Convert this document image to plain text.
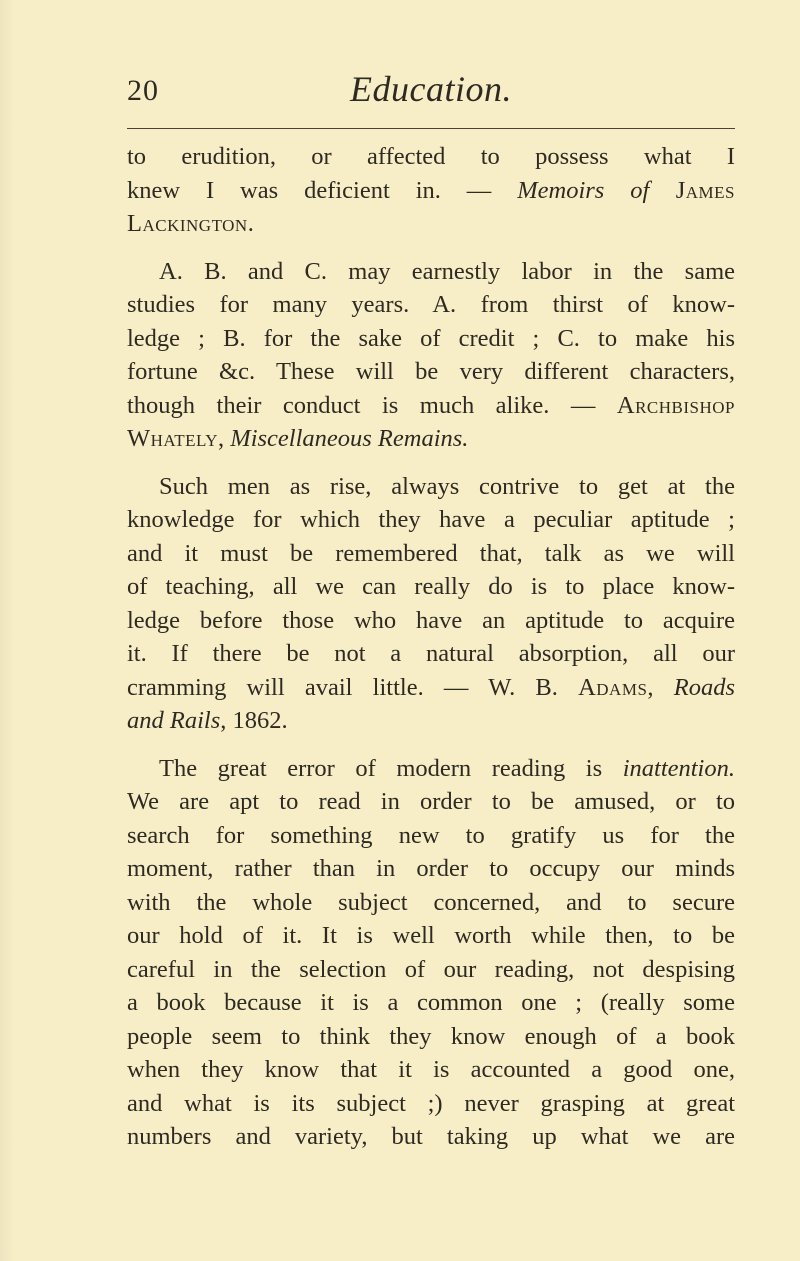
20	Education.
to erudition, or affected to possess what I
knew I was deficient in. — Memoirs of James
Lackington.
A. B. and C. may earnestly labor in the same
studies for many years. A. from thirst of know-
ledge ; B. for the sake of credit ; C. to make his
fortune &c. These will be very different characters,
though their conduct is much alike. — Archbishop
Whately, Miscellaneous Remains.
Such men as rise, always contrive to get at the
knowledge for which they have a peculiar aptitude ;
and it must be remembered that, talk as we will
of teaching, all we can really do is to place know-
ledge before those who have an aptitude to acquire
it. If there be not a natural absorption, all our
cramming will avail little. — W. B. Adams, Roads
and Rails, 1862.
The great error of modern reading is inattention.
We are apt to read in order to be amused, or to
search for something new to gratify us for the
moment, rather than in order to occupy our minds
with the whole subject concerned, and to secure
our hold of it. It is well worth while then, to be
careful in the selection of our reading, not despising
a book because it is a common one ; (really some
people seem to think they know enough of a book
when they know that it is accounted a good one,
and what is its subject ;) never grasping at great
numbers and variety, but taking up what we are
